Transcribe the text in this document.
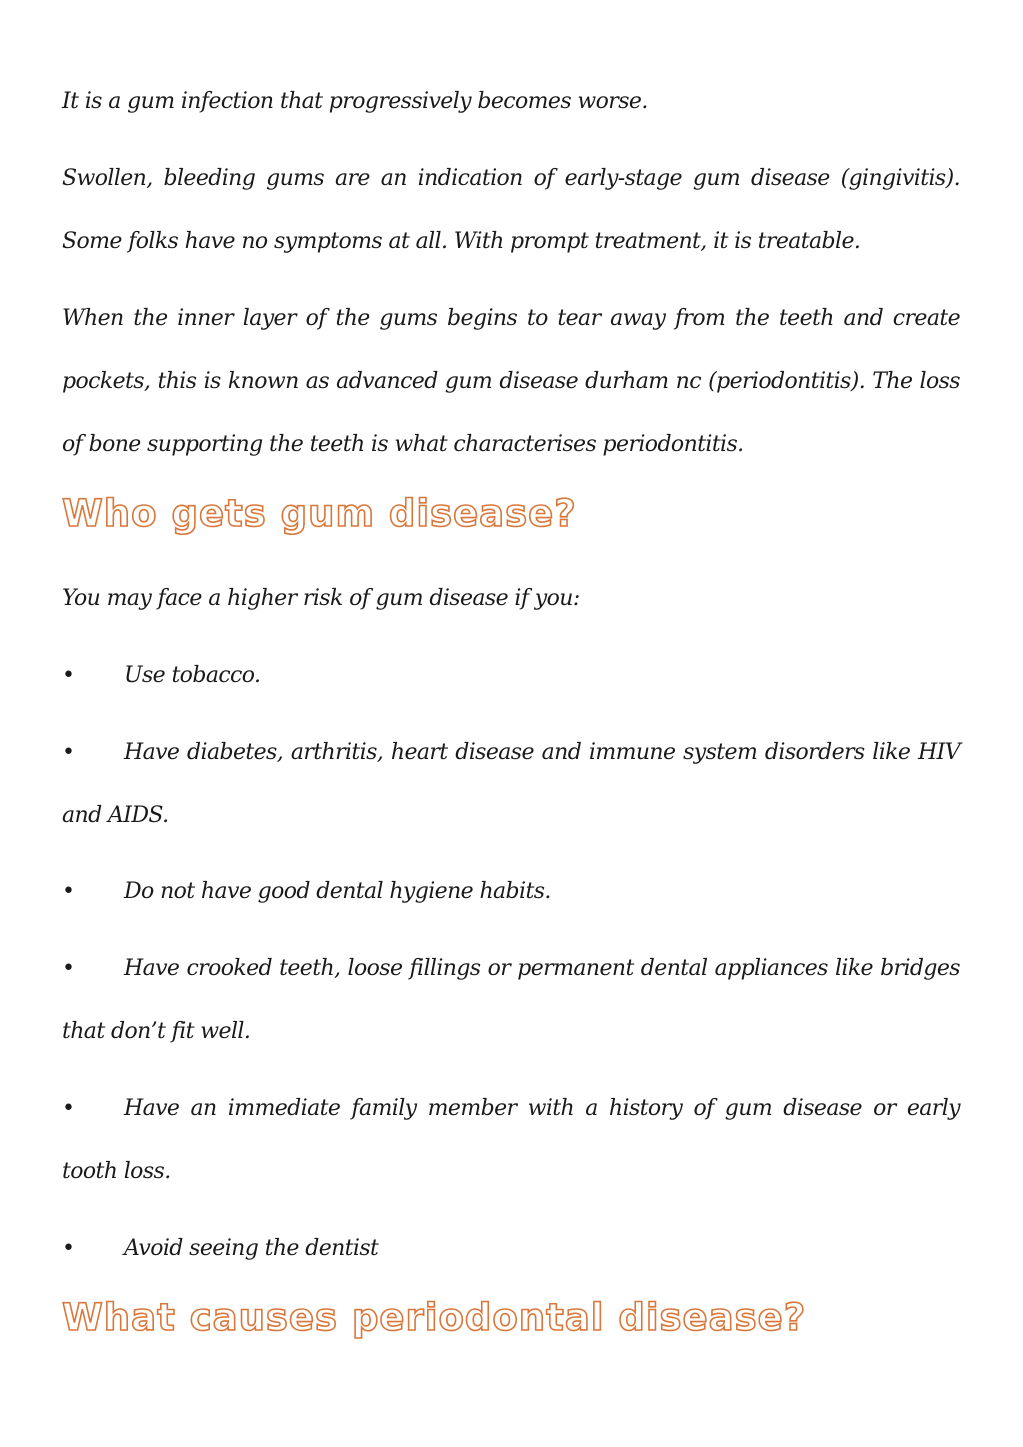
It is a gum infection that progressively becomes worse.

Swollen, bleeding gums are an indication of early-stage gum disease (gingivitis). Some folks have no symptoms at all. With prompt treatment, it is treatable.

When the inner layer of the gums begins to tear away from the teeth and create pockets, this is known as advanced gum disease durham nc (periodontitis). The loss of bone supporting the teeth is what characterises periodontitis.

Who gets gum disease?

You may face a higher risk of gum disease if you:

• Use tobacco.

• Have diabetes, arthritis, heart disease and immune system disorders like HIV and AIDS.

• Do not have good dental hygiene habits.

• Have crooked teeth, loose fillings or permanent dental appliances like bridges that don’t fit well.

• Have an immediate family member with a history of gum disease or early tooth loss.

• Avoid seeing the dentist

What causes periodontal disease?
